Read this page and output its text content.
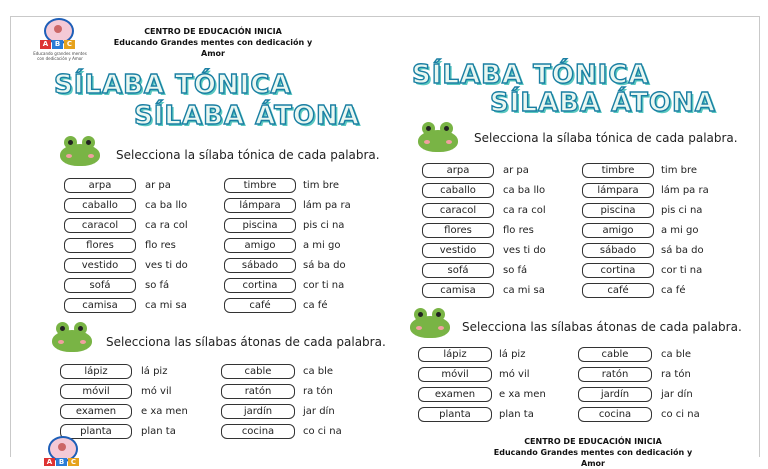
A B C
Educando grandes mentes con dedicación y Amor
CENTRO DE EDUCACIÓN INICIA
Educando Grandes mentes con dedicación y
Amor
SÍLABA TÓNICA
SÍLABA ÁTONA
Selecciona la sílaba tónica de cada palabra.
arpa	ar pa
caballo	ca ba llo
caracol	ca ra col
flores	flo res
vestido	ves ti do
sofá	so fá
camisa	ca mi sa
timbre	tim bre
lámpara	lám pa ra
piscina	pis ci na
amigo	a mi go
sábado	sá ba do
cortina	cor ti na
café	ca fé
Selecciona las sílabas átonas de cada palabra.
lápiz	lá piz
móvil	mó vil
examen	e xa men
planta	plan ta
cable	ca ble
ratón	ra tón
jardín	jar dín
cocina	co ci na
A B C
SÍLABA TÓNICA
SÍLABA ÁTONA
Selecciona la sílaba tónica de cada palabra.
arpa	ar pa
caballo	ca ba llo
caracol	ca ra col
flores	flo res
vestido	ves ti do
sofá	so fá
camisa	ca mi sa
timbre	tim bre
lámpara	lám pa ra
piscina	pis ci na
amigo	a mi go
sábado	sá ba do
cortina	cor ti na
café	ca fé
Selecciona las sílabas átonas de cada palabra.
lápiz	lá piz
móvil	mó vil
examen	e xa men
planta	plan ta
cable	ca ble
ratón	ra tón
jardín	jar dín
cocina	co ci na
CENTRO DE EDUCACIÓN INICIA
Educando Grandes mentes con dedicación y
Amor
